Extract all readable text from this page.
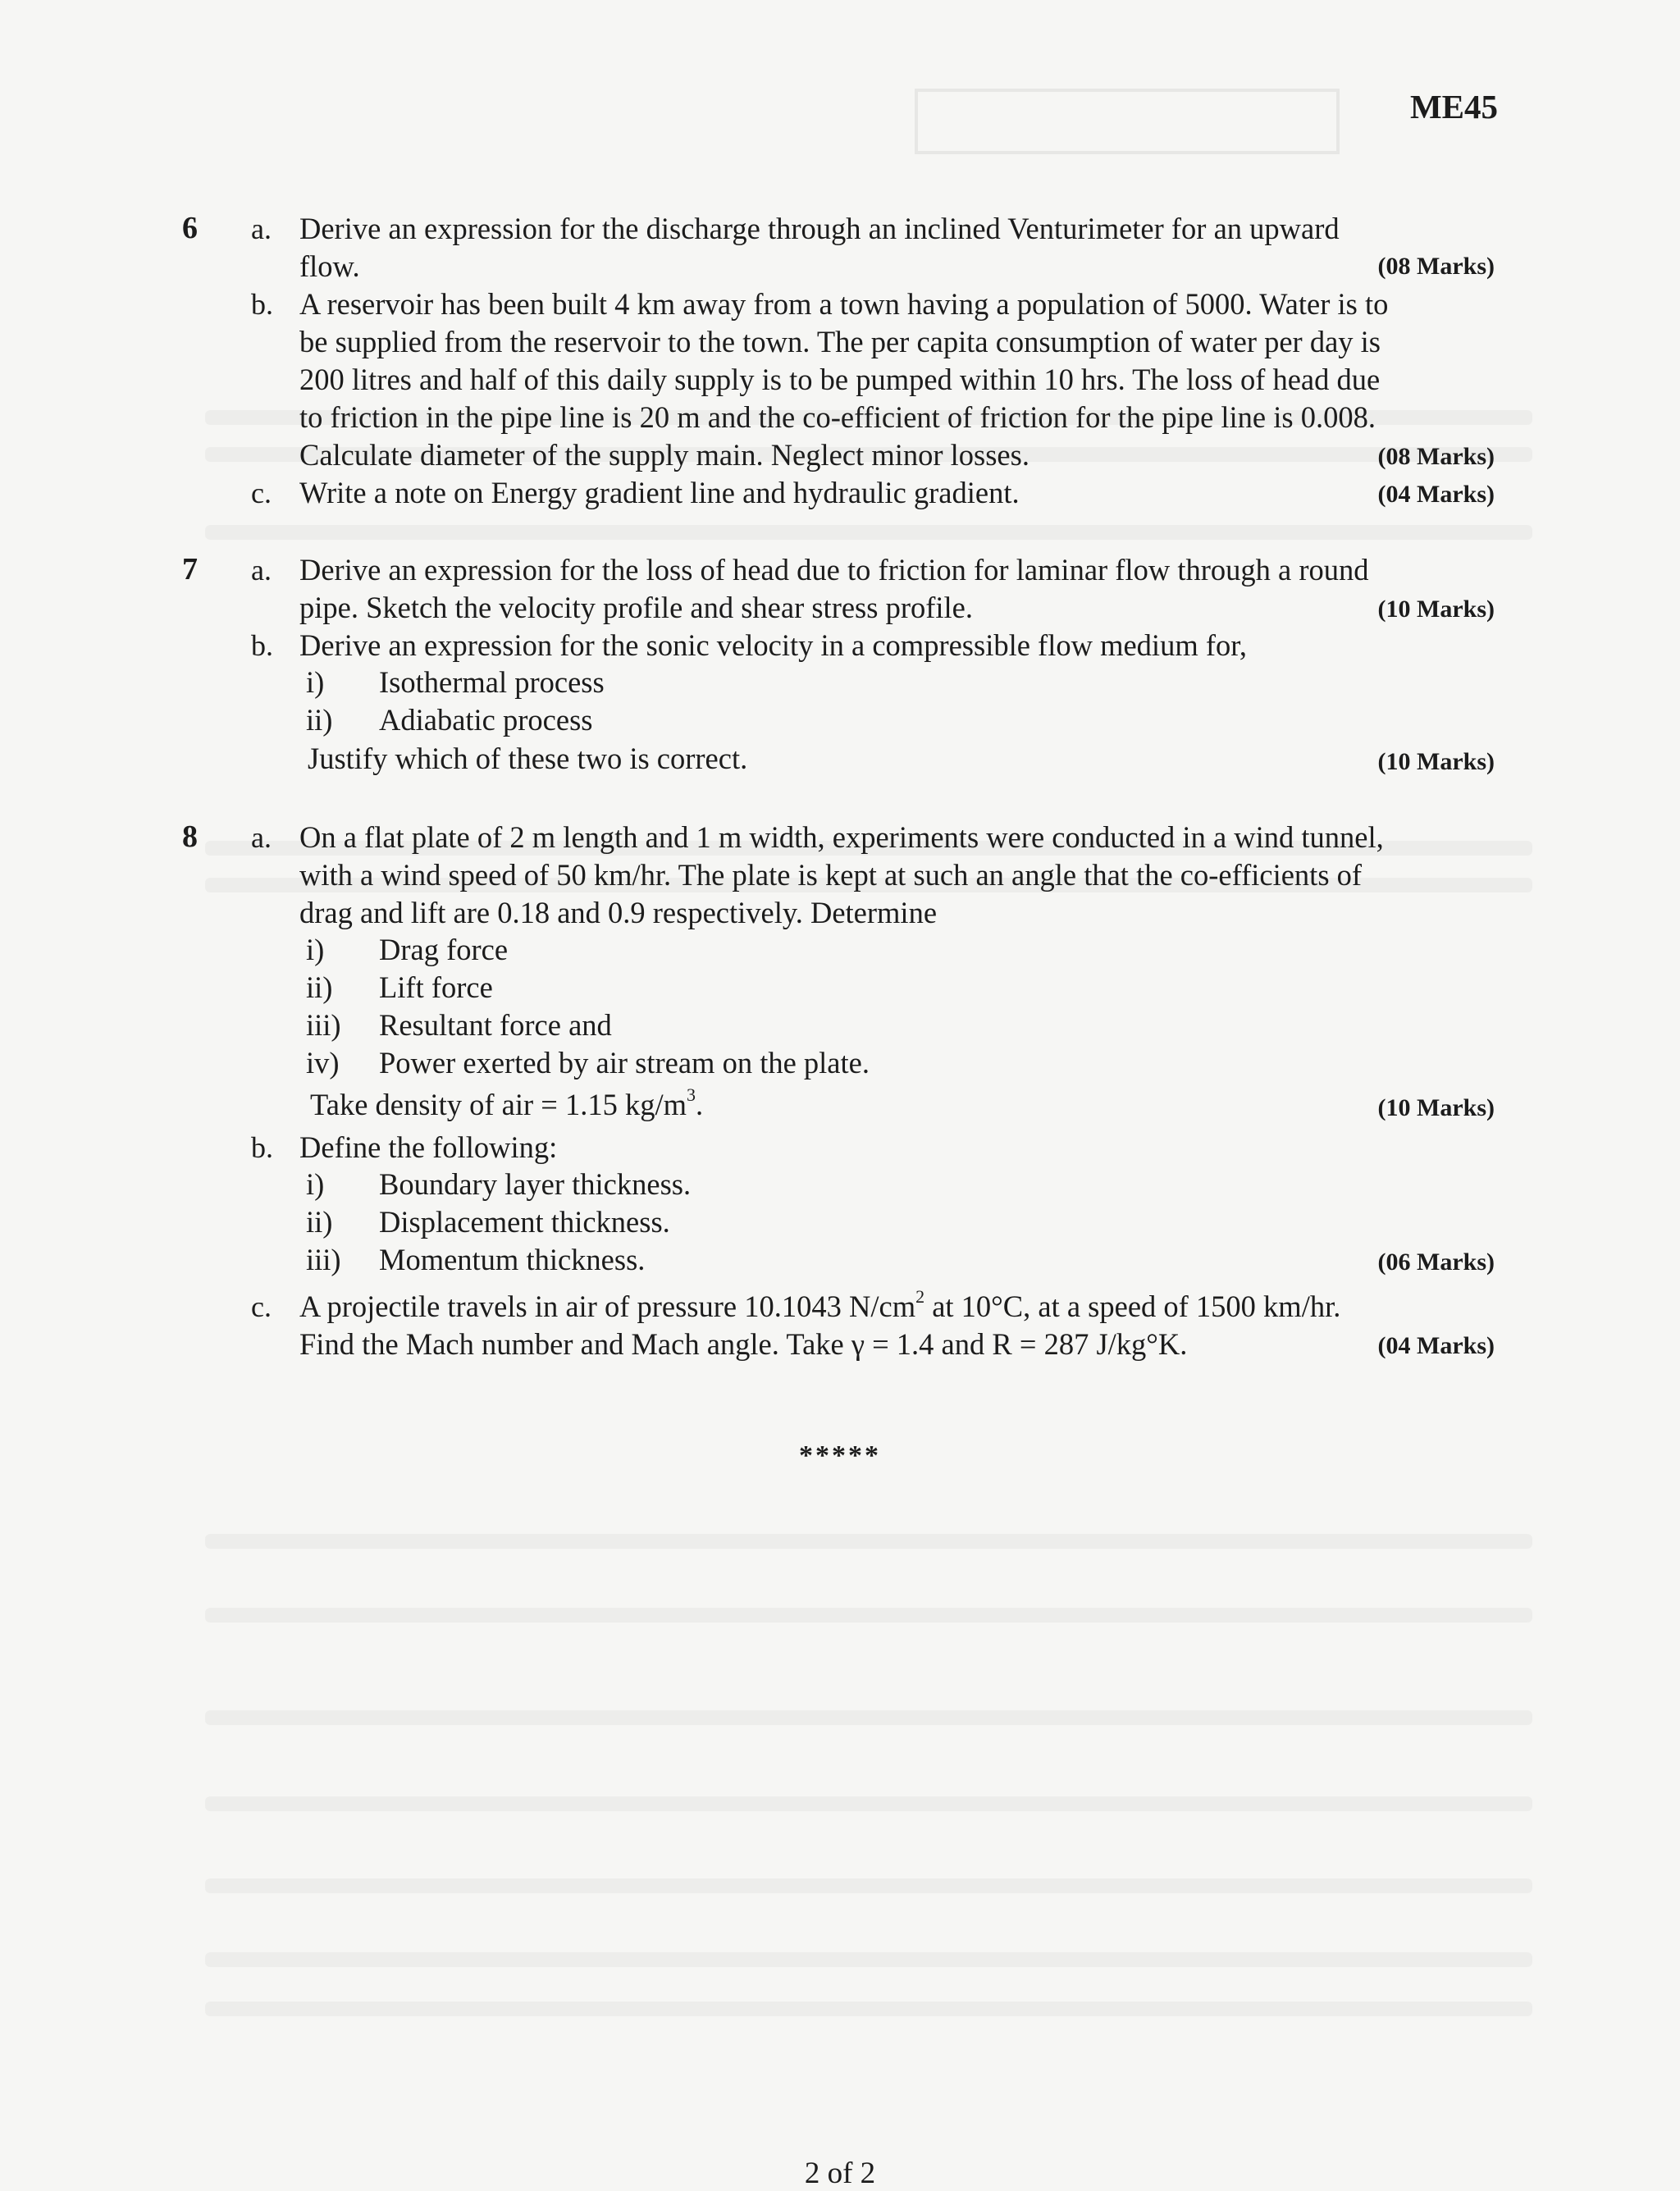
ME45
6 a. Derive an expression for the discharge through an inclined Venturimeter for an upward
flow.	(08 Marks)
b. A reservoir has been built 4 km away from a town having a population of 5000. Water is to
be supplied from the reservoir to the town. The per capita consumption of water per day is
200 litres and half of this daily supply is to be pumped within 10 hrs. The loss of head due
to friction in the pipe line is 20 m and the co-efficient of friction for the pipe line is 0.008.
Calculate diameter of the supply main. Neglect minor losses.	(08 Marks)
c. Write a note on Energy gradient line and hydraulic gradient.	(04 Marks)
7 a. Derive an expression for the loss of head due to friction for laminar flow through a round
pipe. Sketch the velocity profile and shear stress profile.	(10 Marks)
b. Derive an expression for the sonic velocity in a compressible flow medium for,
i) Isothermal process
ii) Adiabatic process
Justify which of these two is correct.	(10 Marks)
8 a. On a flat plate of 2 m length and 1 m width, experiments were conducted in a wind tunnel,
with a wind speed of 50 km/hr. The plate is kept at such an angle that the co-efficients of
drag and lift are 0.18 and 0.9 respectively. Determine
i) Drag force
ii) Lift force
iii) Resultant force and
iv) Power exerted by air stream on the plate.
Take density of air = 1.15 $kg/m^3$.	(10 Marks)
b. Define the following:
i) Boundary layer thickness.
ii) Displacement thickness.
iii) Momentum thickness.	(06 Marks)
c. A projectile travels in air of pressure 10.1043 $N/cm^2$ at 10°C, at a speed of 1500 km/hr.
Find the Mach number and Mach angle. Take γ = 1.4 and R = 287 J/kg°K.	(04 Marks)
*****
2 of 2
